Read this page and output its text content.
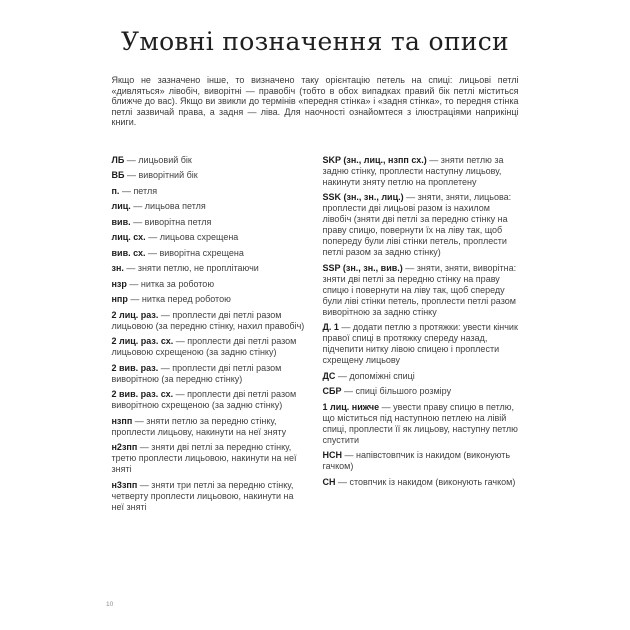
Умовні позначення та описи

Якщо не зазначено інше, то визначено таку орієнтацію петель на спиці: лицьові петлі «дивляться» лівобіч, виворітні — правобіч (тобто в обох випадках правий бік петлі міститься ближче до вас). Якщо ви звикли до термінів «передня стінка» і «задня стінка», то передня стінка петлі зазвичай права, а задня — ліва. Для наочності ознайомтеся з ілюстраціями наприкінці книги.

ЛБ — лицьовий бік

ВБ — виворітний бік

п. — петля

лиц. — лицьова петля

вив. — виворітна петля

лиц. сх. — лицьова схрещена

вив. сх. — виворітна схрещена

зн. — зняти петлю, не проплітаючи

нзр — нитка за роботою

нпр — нитка перед роботою

2 лиц. раз. — проплести дві петлі разом лицьовою (за передню стінку, нахил правобіч)

2 лиц. раз. сх. — проплести дві петлі разом лицьовою схрещеною (за задню стінку)

2 вив. раз. — проплести дві петлі разом виворітною (за передню стінку)

2 вив. раз. сх. — проплести дві петлі разом виворітною схрещеною (за задню стінку)

нзпп — зняти петлю за передню стінку, проплести лицьову, накинути на неї зняту

н2зпп — зняти дві петлі за передню стінку, третю проплести лицьовою, накинути на неї зняті

н3зпп — зняти три петлі за передню стінку, четверту проплести лицьовою, накинути на неї зняті

SKP (зн., лиц., нзпп сх.) — зняти петлю за задню стінку, проплести наступну лицьову, накинути зняту петлю на проплетену

SSK (зн., зн., лиц.) — зняти, зняти, лицьова: проплести дві лицьові разом із нахилом лівобіч (зняти дві петлі за передню стінку на праву спицю, повернути їх на ліву так, щоб попереду були ліві стінки петель, проплести петлі разом за задню стінку)

SSP (зн., зн., вив.) — зняти, зняти, виворітна: зняти дві петлі за передню стінку на праву спицю і повернути на ліву так, щоб спереду були ліві стінки петель, проплести петлі разом виворітною за задню стінку

Д. 1 — додати петлю з протяжки: увести кінчик правої спиці в протяжку спереду назад, підчепити нитку лівою спицею і проплести схрещену лицьову

ДС — допоміжні спиці

СБР — спиці більшого розміру

1 лиц. нижче — увести праву спицю в петлю, що міститься під наступною петлею на лівій спиці, проплести її як лицьову, наступну петлю спустити

НСН — напівстовпчик із накидом (виконують гачком)

СН — стовпчик із накидом (виконують гачком)

10
